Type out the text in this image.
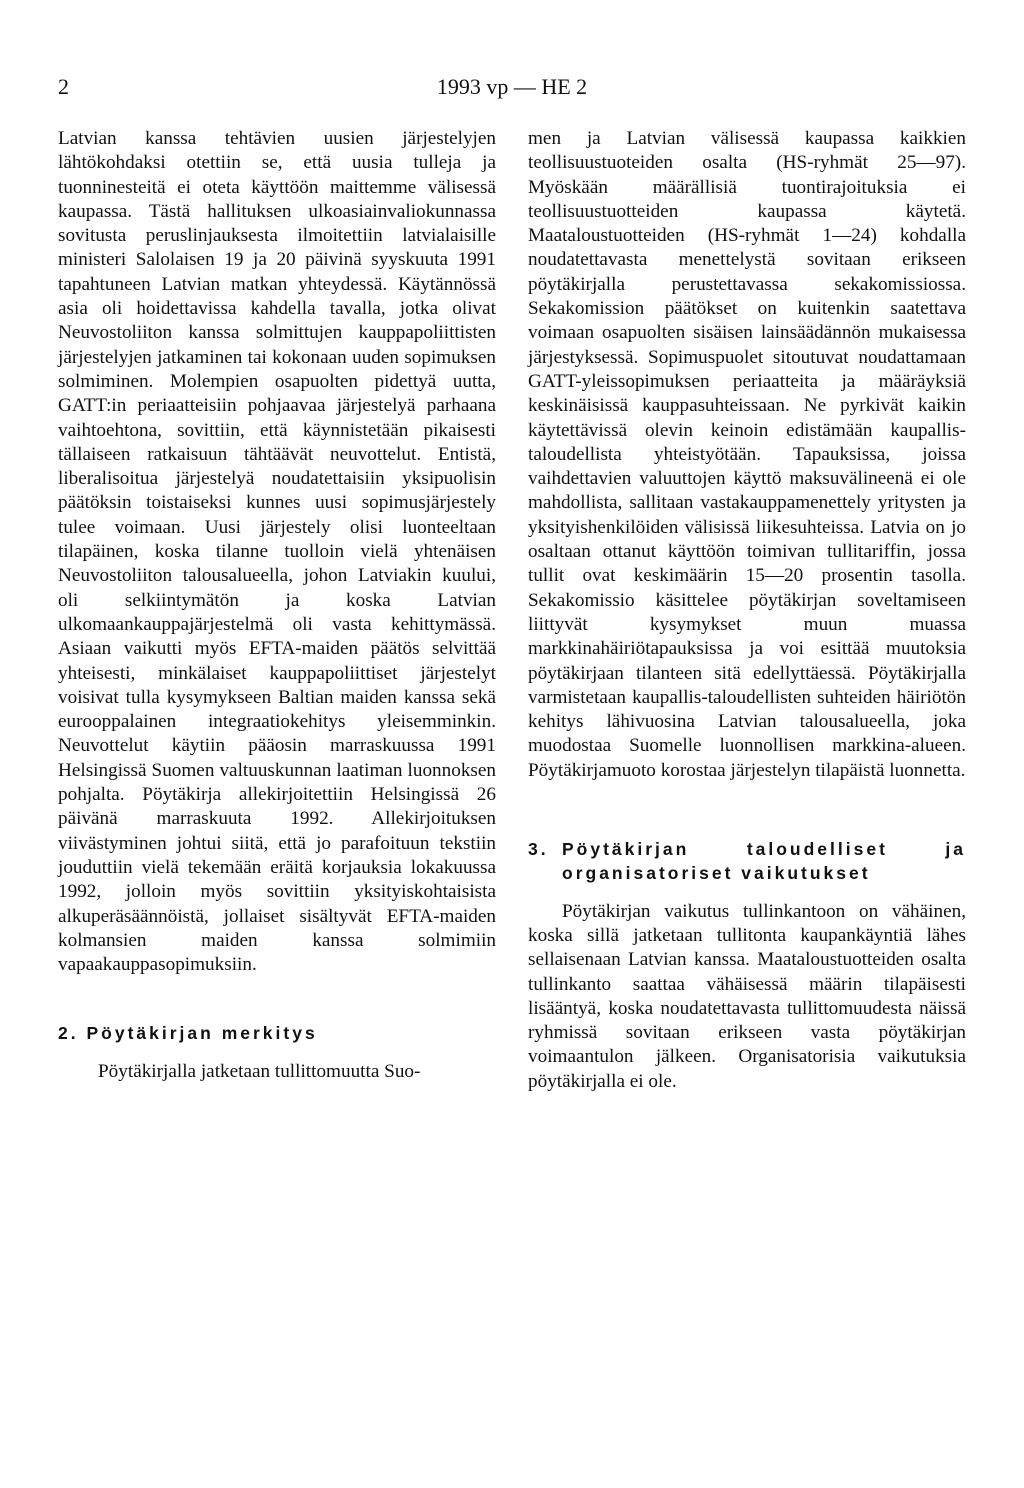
2	1993 vp — HE 2

Latvian kanssa tehtävien uusien järjestelyjen lähtökohdaksi otettiin se, että uusia tulleja ja tuonninesteitä ei oteta käyttöön maittemme välisessä kaupassa. Tästä hallituksen ulkoasiainvaliokunnassa sovitusta peruslinjauksesta ilmoitettiin latvialaisille ministeri Salolaisen 19 ja 20 päivinä syyskuuta 1991 tapahtuneen Latvian matkan yhteydessä. Käytännössä asia oli hoidettavissa kahdella tavalla, jotka olivat Neuvostoliiton kanssa solmittujen kauppapoliittisten järjestelyjen jatkaminen tai kokonaan uuden sopimuksen solmiminen. Molempien osapuolten pidettyä uutta, GATT:in periaatteisiin pohjaavaa järjestelyä parhaana vaihtoehtona, sovittiin, että käynnistetään pikaisesti tällaiseen ratkaisuun tähtäävät neuvottelut. Entistä, liberalisoitua järjestelyä noudatettaisiin yksipuolisin päätöksin toistaiseksi kunnes uusi sopimusjärjestely tulee voimaan. Uusi järjestely olisi luonteeltaan tilapäinen, koska tilanne tuolloin vielä yhtenäisen Neuvostoliiton talousalueella, johon Latviakin kuului, oli selkiintymätön ja koska Latvian ulkomaankauppajärjestelmä oli vasta kehittymässä. Asiaan vaikutti myös EFTA-maiden päätös selvittää yhteisesti, minkälaiset kauppapoliittiset järjestelyt voisivat tulla kysymykseen Baltian maiden kanssa sekä eurooppalainen integraatiokehitys yleisemminkin. Neuvottelut käytiin pääosin marraskuussa 1991 Helsingissä Suomen valtuuskunnan laatiman luonnoksen pohjalta. Pöytäkirja allekirjoitettiin Helsingissä 26 päivänä marraskuuta 1992. Allekirjoituksen viivästyminen johtui siitä, että jo parafoituun tekstiin jouduttiin vielä tekemään eräitä korjauksia lokakuussa 1992, jolloin myös sovittiin yksityiskohtaisista alkuperäsäännöistä, jollaiset sisältyvät EFTA-maiden kolmansien maiden kanssa solmimiin vapaakauppasopimuksiin.

2. Pöytäkirjan merkitys

Pöytäkirjalla jatketaan tullittomuutta Suo-

men ja Latvian välisessä kaupassa kaikkien teollisuustuoteiden osalta (HS-ryhmät 25—97). Myöskään määrällisiä tuontirajoituksia ei teollisuustuotteiden kaupassa käytetä. Maataloustuotteiden (HS-ryhmät 1—24) kohdalla noudatettavasta menettelystä sovitaan erikseen pöytäkirjalla perustettavassa sekakomissiossa. Sekakomission päätökset on kuitenkin saatettava voimaan osapuolten sisäisen lainsäädännön mukaisessa järjestyksessä. Sopimuspuolet sitoutuvat noudattamaan GATT-yleissopimuksen periaatteita ja määräyksiä keskinäisissä kauppasuhteissaan. Ne pyrkivät kaikin käytettävissä olevin keinoin edistämään kaupallis-taloudellista yhteistyötään. Tapauksissa, joissa vaihdettavien valuuttojen käyttö maksuvälineenä ei ole mahdollista, sallitaan vastakauppamenettely yritysten ja yksityishenkilöiden välisissä liikesuhteissa. Latvia on jo osaltaan ottanut käyttöön toimivan tullitariffin, jossa tullit ovat keskimäärin 15—20 prosentin tasolla. Sekakomissio käsittelee pöytäkirjan soveltamiseen liittyvät kysymykset muun muassa markkinahäiriötapauksissa ja voi esittää muutoksia pöytäkirjaan tilanteen sitä edellyttäessä. Pöytäkirjalla varmistetaan kaupallis-taloudellisten suhteiden häiriötön kehitys lähivuosina Latvian talousalueella, joka muodostaa Suomelle luonnollisen markkina-alueen. Pöytäkirjamuoto korostaa järjestelyn tilapäistä luonnetta.

3. Pöytäkirjan taloudelliset ja organisatoriset vaikutukset

Pöytäkirjan vaikutus tullinkantoon on vähäinen, koska sillä jatketaan tullitonta kaupankäyntiä lähes sellaisenaan Latvian kanssa. Maataloustuotteiden osalta tullinkanto saattaa vähäisessä määrin tilapäisesti lisääntyä, koska noudatettavasta tullittomuudesta näissä ryhmissä sovitaan erikseen vasta pöytäkirjan voimaantulon jälkeen. Organisatorisia vaikutuksia pöytäkirjalla ei ole.
